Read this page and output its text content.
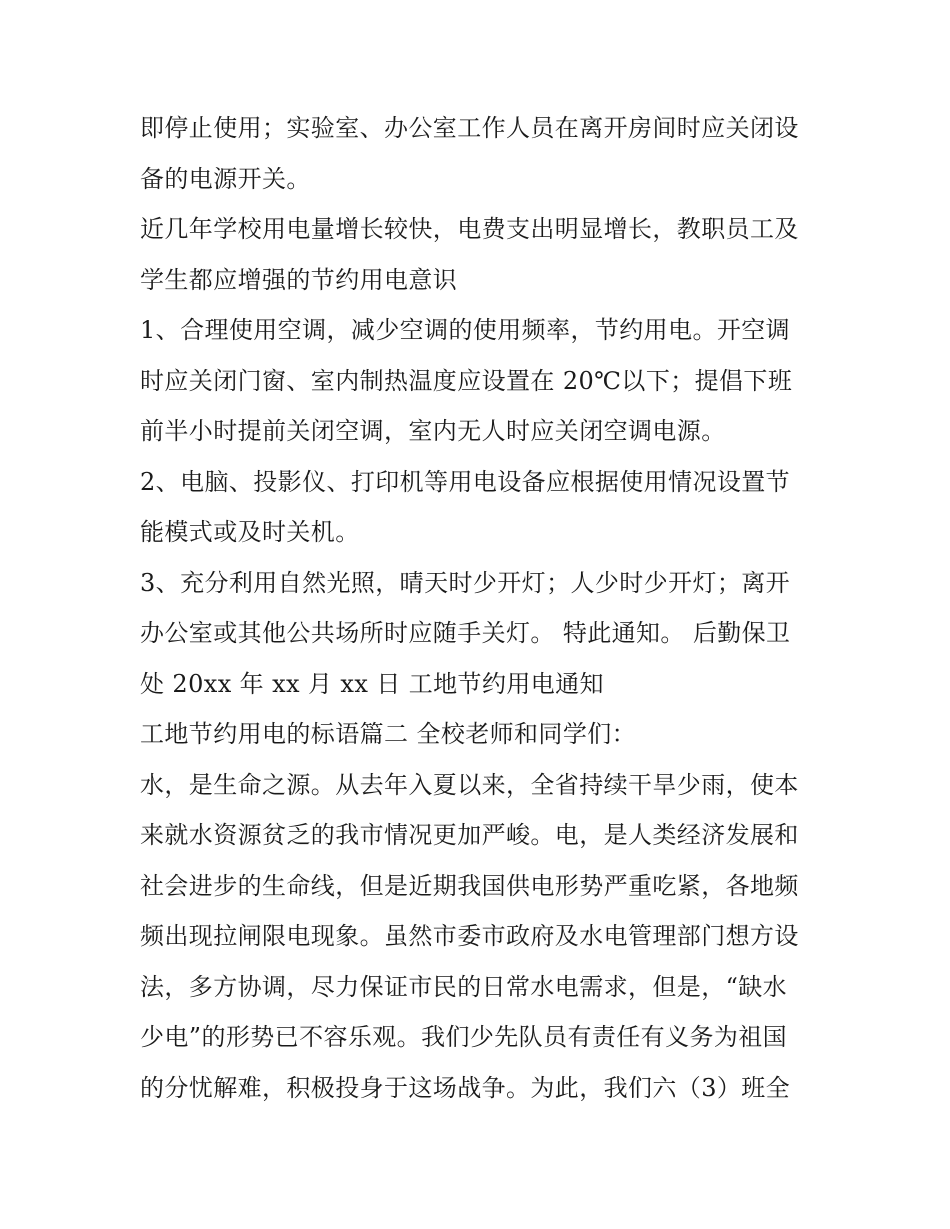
即停止使用；实验室、办公室工作人员在离开房间时应关闭设
备的电源开关。
近几年学校用电量增长较快，电费支出明显增长，教职员工及
学生都应增强的节约用电意识
1、合理使用空调，减少空调的使用频率，节约用电。开空调
时应关闭门窗、室内制热温度应设置在 20℃以下；提倡下班
前半小时提前关闭空调，室内无人时应关闭空调电源。
2、电脑、投影仪、打印机等用电设备应根据使用情况设置节
能模式或及时关机。
3、充分利用自然光照，晴天时少开灯；人少时少开灯；离开
办公室或其他公共场所时应随手关灯。 特此通知。 后勤保卫
处 20xx 年 xx 月 xx 日 工地节约用电通知
工地节约用电的标语篇二 全校老师和同学们：
水，是生命之源。从去年入夏以来，全省持续干旱少雨，使本
来就水资源贫乏的我市情况更加严峻。电，是人类经济发展和
社会进步的生命线，但是近期我国供电形势严重吃紧，各地频
频出现拉闸限电现象。虽然市委市政府及水电管理部门想方设
法，多方协调，尽力保证市民的日常水电需求，但是，“缺水
少电”的形势已不容乐观。我们少先队员有责任有义务为祖国
的分忧解难，积极投身于这场战争。为此，我们六（3）班全
